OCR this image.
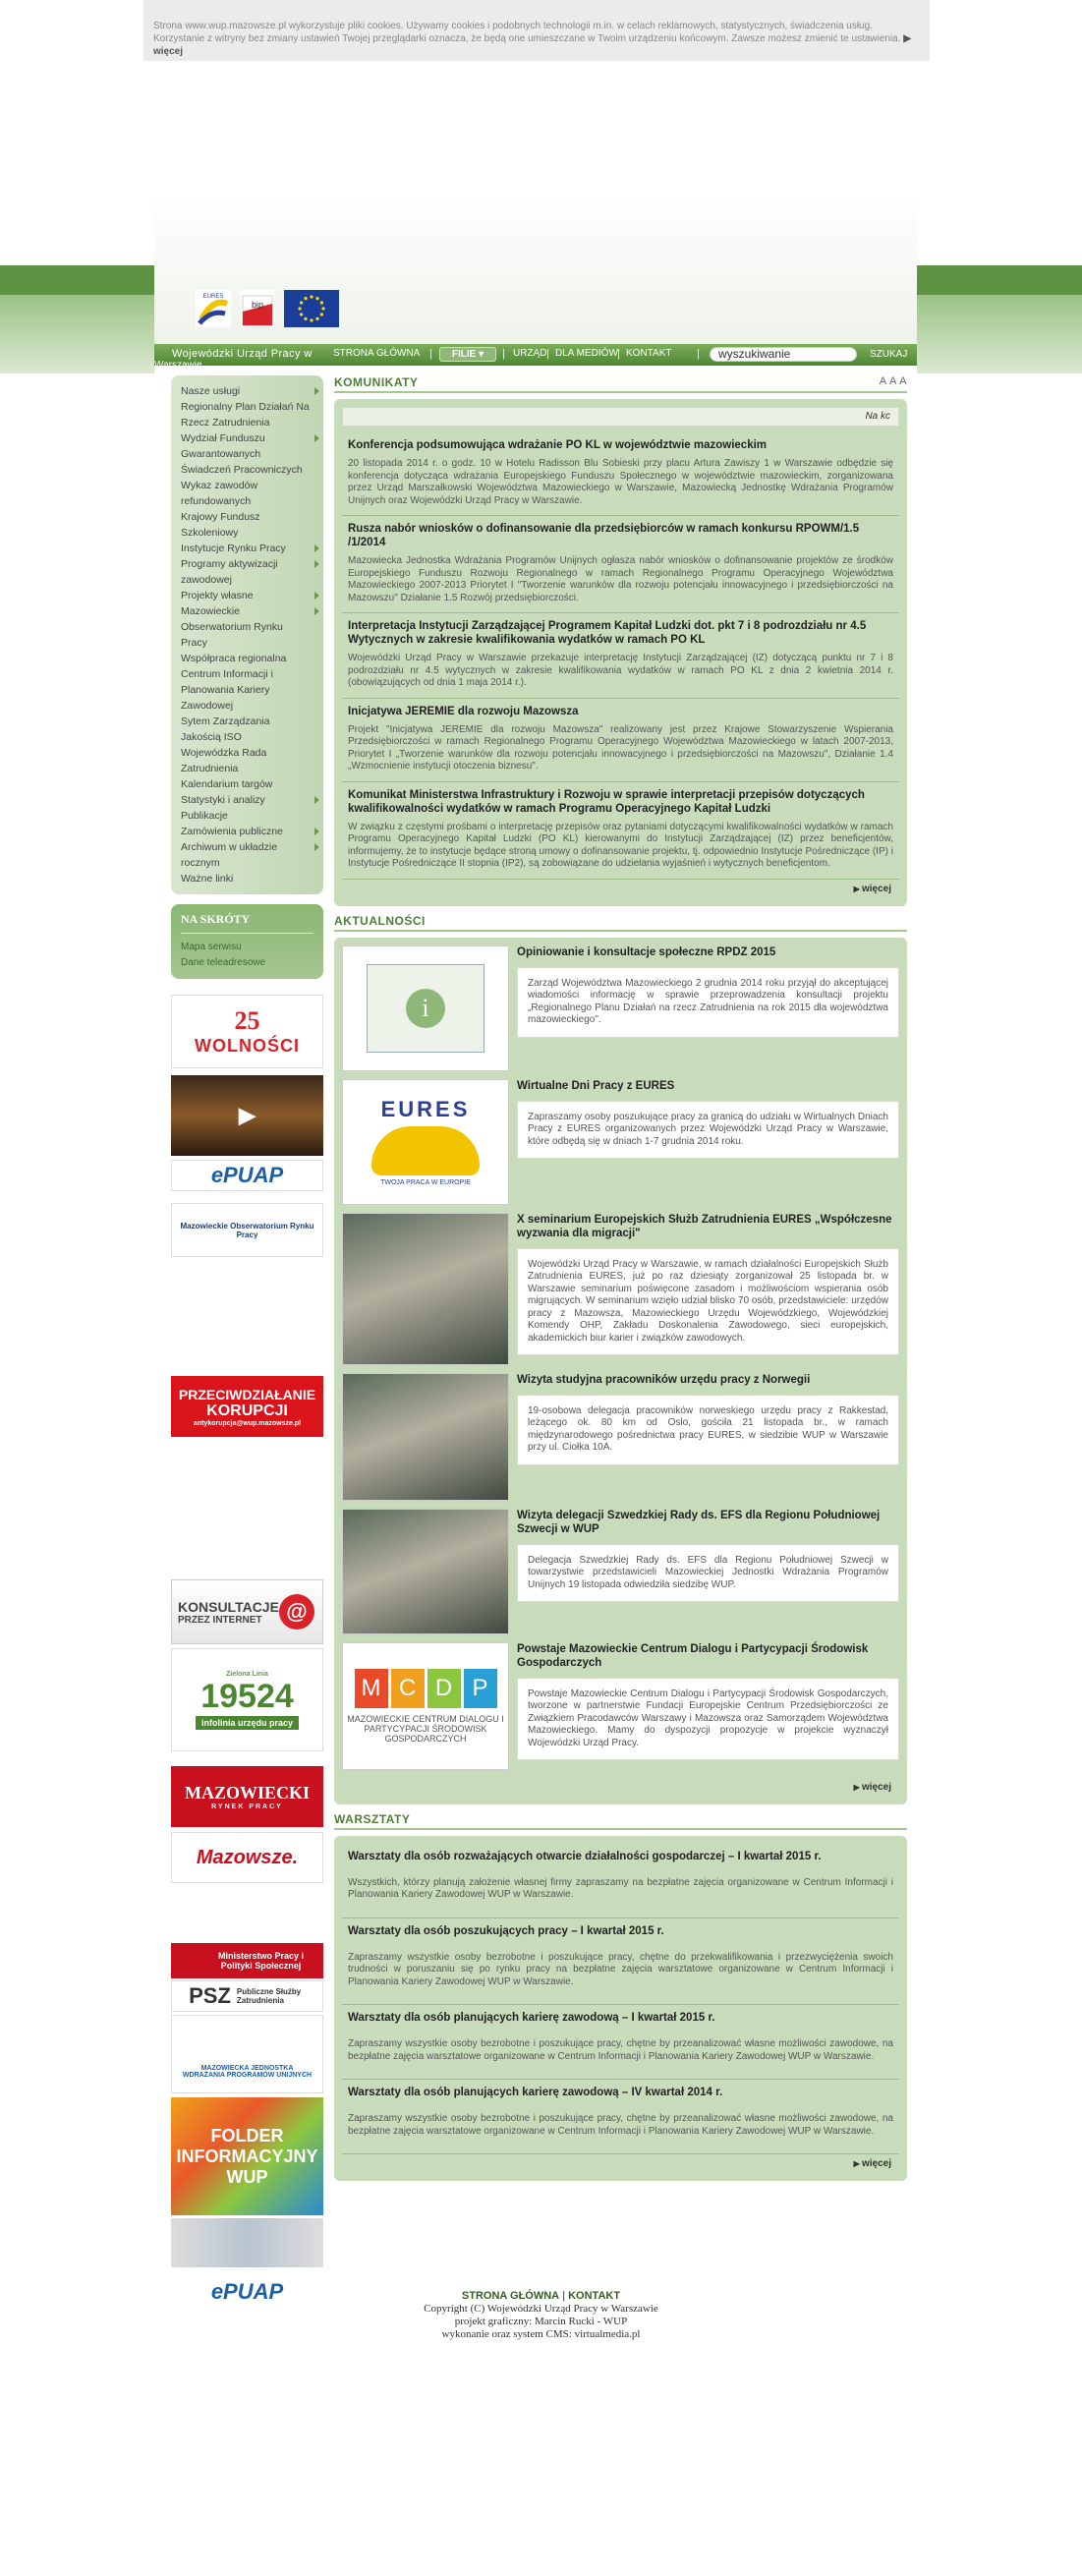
Strona www.wup.mazowsze.pl wykorzystuje pliki cookies. Używamy cookies i podobnych technologii m.in. w celach reklamowych, statystycznych, świadczenia usług. Korzystanie z witryny bez zmiany ustawień Twojej przeglądarki oznacza, że będą one umieszczane w Twoim urządzeniu końcowym. Zawsze możesz zmienić te ustawienia. ▶ więcej
EURES
bip
Wojewódzki Urząd Pracy w STRONA GŁÓWNA |	FILIE ▾	| URZĄD | DLA MEDIÓW | KONTAKT |	wyszukiwanie	SZUKAJ
Nasze usługi
Regionalny Plan Działań Na Rzecz Zatrudnienia
Wydział Funduszu Gwarantowanych Świadczeń Pracowniczych
Wykaz zawodów refundowanych
Krajowy Fundusz Szkoleniowy
Instytucje Rynku Pracy
Programy aktywizacji zawodowej
Projekty własne
Mazowieckie
Obserwatorium Rynku Pracy
Współpraca regionalna
Centrum Informacji i Planowania Kariery Zawodowej
Sytem Zarządzania
Jakością ISO
Wojewódzka Rada Zatrudnienia
Kalendarium targów
Statystyki i analizy
Publikacje
Zamówienia publiczne
Archiwum w układzie rocznym
Ważne linki
NA SKRÓTY
Mapa serwisu
Dane teleadresowe
25
WOLNOŚCI
▶
ePUAP
Mazowieckie Obserwatorium Rynku Pracy
PRZECIWDZIAŁANIE
KORUPCJI
antykorupcja@wup.mazowsze.pl
KONSULTACJE
PRZEZ INTERNET	@
Zielona Linia
19524
infolinia urzędu pracy
MAZOWIECKI
RYNEK PRACY
Mazowsze.
Ministerstwo Pracy i Polityki Społecznej
PSZ Publiczne Służby Zatrudnienia
MAZOWIECKA JEDNOSTKA WDRAŻANIA PROGRAMÓW UNIJNYCH
FOLDER
INFORMACYJNY
WUP
ePUAP
KOMUNIKATY	A A A
Na kc
Konferencja podsumowująca wdrażanie PO KL w województwie mazowieckim

20 listopada 2014 r. o godz. 10 w Hotelu Radisson Blu Sobieski przy placu Artura Zawiszy 1 w Warszawie odbędzie się konferencja dotycząca wdrażania Europejskiego Funduszu Społecznego w województwie mazowieckim, zorganizowana przez Urząd Marszałkowski Województwa Mazowieckiego w Warszawie, Mazowiecką Jednostkę Wdrażania Programów Unijnych oraz Wojewódzki Urząd Pracy w Warszawie.

Rusza nabór wniosków o dofinansowanie dla przedsiębiorców w ramach konkursu RPOWM/1.5 /1/2014

Mazowiecka Jednostka Wdrażania Programów Unijnych ogłasza nabór wniosków o dofinansowanie projektów ze środków Europejskiego Funduszu Rozwoju Regionalnego w ramach Regionalnego Programu Operacyjnego Województwa Mazowieckiego 2007-2013 Priorytet I "Tworzenie warunków dla rozwoju potencjału innowacyjnego i przedsiębiorczości na Mazowszu" Działanie 1.5 Rozwój przedsiębiorczości.

Interpretacja Instytucji Zarządzającej Programem Kapitał Ludzki dot. pkt 7 i 8 podrozdziału nr 4.5 Wytycznych w zakresie kwalifikowania wydatków w ramach PO KL

Wojewódzki Urząd Pracy w Warszawie przekazuje interpretację Instytucji Zarządzającej (IZ) dotyczącą punktu nr 7 i 8 podrozdziału nr 4.5 wytycznych w zakresie kwalifikowania wydatków w ramach PO KL z dnia 2 kwietnia 2014 r. (obowiązujących od dnia 1 maja 2014 r.).

Inicjatywa JEREMIE dla rozwoju Mazowsza

Projekt "Inicjatywa JEREMIE dla rozwoju Mazowsza" realizowany jest przez Krajowe Stowarzyszenie Wspierania Przedsiębiorczości w ramach Regionalnego Programu Operacyjnego Województwa Mazowieckiego w latach 2007-2013, Priorytet I „Tworzenie warunków dla rozwoju potencjału innowacyjnego i przedsiębiorczości na Mazowszu", Działanie 1.4 „Wzmocnienie instytucji otoczenia biznesu".

Komunikat Ministerstwa Infrastruktury i Rozwoju w sprawie interpretacji przepisów dotyczących kwalifikowalności wydatków w ramach Programu Operacyjnego Kapitał Ludzki

W związku z częstymi prośbami o interpretację przepisów oraz pytaniami dotyczącymi kwalifikowalności wydatków w ramach Programu Operacyjnego Kapitał Ludzki (PO KL) kierowanymi do Instytucji Zarządzającej (IZ) przez beneficjentów, informujemy, że to instytucje będące stroną umowy o dofinansowanie projektu, tj. odpowiednio Instytucje Pośredniczące (IP) i Instytucje Pośredniczące II stopnia (IP2), są zobowiązane do udzielania wyjaśnień i wytycznych beneficjentom.

▶ więcej
AKTUALNOŚCI
i
Opiniowanie i konsultacje społeczne RPDZ 2015
Zarząd Województwa Mazowieckiego 2 grudnia 2014 roku przyjął do akceptującej wiadomości informację w sprawie przeprowadzenia konsultacji projektu „Regionalnego Planu Działań na rzecz Zatrudnienia na rok 2015 dla województwa mazowieckiego".
EURES
TWOJA PRACA W EUROPIE
Wirtualne Dni Pracy z EURES
Zapraszamy osoby poszukujące pracy za granicą do udziału w Wirtualnych Dniach Pracy z EURES organizowanych przez Wojewódzki Urząd Pracy w Warszawie, które odbędą się w dniach 1-7 grudnia 2014 roku.
X seminarium Europejskich Służb Zatrudnienia EURES „Współczesne wyzwania dla migracji"
Wojewódzki Urząd Pracy w Warszawie, w ramach działalności Europejskich Służb Zatrudnienia EURES, już po raz dziesiąty zorganizował 25 listopada br. w Warszawie seminarium poświęcone zasadom i możliwościom wspierania osób migrujących. W seminarium wzięło udział blisko 70 osób, przedstawiciele: urzędów pracy z Mazowsza, Mazowieckiego Urzędu Wojewódzkiego, Wojewódzkiej Komendy OHP, Zakładu Doskonalenia Zawodowego, sieci europejskich, akademickich biur karier i związków zawodowych.
Wizyta studyjna pracowników urzędu pracy z Norwegii
19-osobowa delegacja pracowników norweskiego urzędu pracy z Rakkestad, leżącego ok. 80 km od Oslo, gościła 21 listopada br., w ramach międzynarodowego pośrednictwa pracy EURES, w siedzibie WUP w Warszawie przy ul. Ciołka 10A.
Wizyta delegacji Szwedzkiej Rady ds. EFS dla Regionu Południowej Szwecji w WUP
Delegacja Szwedzkiej Rady ds. EFS dla Regionu Południowej Szwecji w towarzystwie przedstawicieli Mazowieckiej Jednostki Wdrażania Programów Unijnych 19 listopada odwiedziła siedzibę WUP.
M C D P
MAZOWIECKIE CENTRUM DIALOGU I PARTYCYPACJI ŚRODOWISK GOSPODARCZYCH
Powstaje Mazowieckie Centrum Dialogu i Partycypacji Środowisk Gospodarczych
Powstaje Mazowieckie Centrum Dialogu i Partycypacji Środowisk Gospodarczych, tworzone w partnerstwie Fundacji Europejskie Centrum Przedsiębiorczości ze Związkiem Pracodawców Warszawy i Mazowsza oraz Samorządem Województwa Mazowieckiego. Mamy do dyspozycji propozycje w projekcie wyznaczył Wojewódzki Urząd Pracy.
▶ więcej
WARSZTATY
Warsztaty dla osób rozważających otwarcie działalności gospodarczej – I kwartał 2015 r.

Wszystkich, którzy planują założenie własnej firmy zapraszamy na bezpłatne zajęcia organizowane w Centrum Informacji i Planowania Kariery Zawodowej WUP w Warszawie.

Warsztaty dla osób poszukujących pracy – I kwartał 2015 r.

Zapraszamy wszystkie osoby bezrobotne i poszukujące pracy, chętne do przekwalifikowania i przezwyciężenia swoich trudności w poruszaniu się po rynku pracy na bezpłatne zajęcia warsztatowe organizowane w Centrum Informacji i Planowania Kariery Zawodowej WUP w Warszawie.

Warsztaty dla osób planujących karierę zawodową – I kwartał 2015 r.

Zapraszamy wszystkie osoby bezrobotne i poszukujące pracy, chętne by przeanalizować własne możliwości zawodowe, na bezpłatne zajęcia warsztatowe organizowane w Centrum Informacji i Planowania Kariery Zawodowej WUP w Warszawie.

Warsztaty dla osób planujących karierę zawodową – IV kwartał 2014 r.

Zapraszamy wszystkie osoby bezrobotne i poszukujące pracy, chętne by przeanalizować własne możliwości zawodowe, na bezpłatne zajęcia warsztatowe organizowane w Centrum Informacji i Planowania Kariery Zawodowej WUP w Warszawie.

▶ więcej
STRONA GŁÓWNA | KONTAKT
Copyright (C) Wojewódzki Urząd Pracy w Warszawie
projekt graficzny: Marcin Rucki - WUP
wykonanie oraz system CMS: virtualmedia.pl
